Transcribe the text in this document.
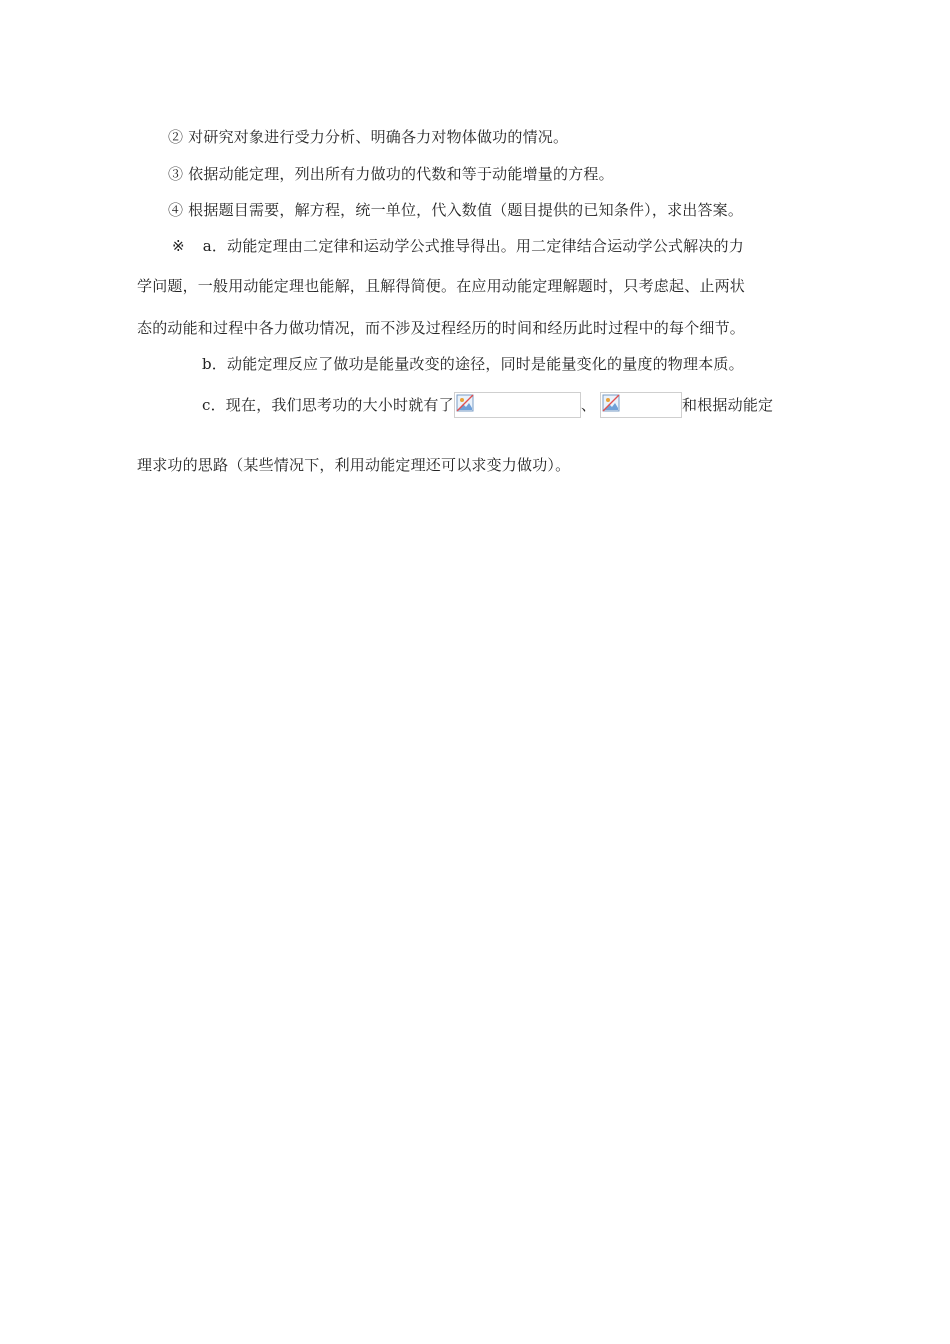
② 对研究对象进行受力分析、明确各力对物体做功的情况。
③ 依据动能定理，列出所有力做功的代数和等于动能增量的方程。
④ 根据题目需要，解方程，统一单位，代入数值（题目提供的已知条件），求出答案。
※ a．动能定理由二定律和运动学公式推导得出。用二定律结合运动学公式解决的力
学问题，一般用动能定理也能解，且解得简便。在应用动能定理解题时，只考虑起、止两状
态的动能和过程中各力做功情况，而不涉及过程经历的时间和经历此时过程中的每个细节。
b．动能定理反应了做功是能量改变的途径，同时是能量变化的量度的物理本质。
c．现在，我们思考功的大小时就有了	、	和根据动能定
理求功的思路（某些情况下，利用动能定理还可以求变力做功）。
